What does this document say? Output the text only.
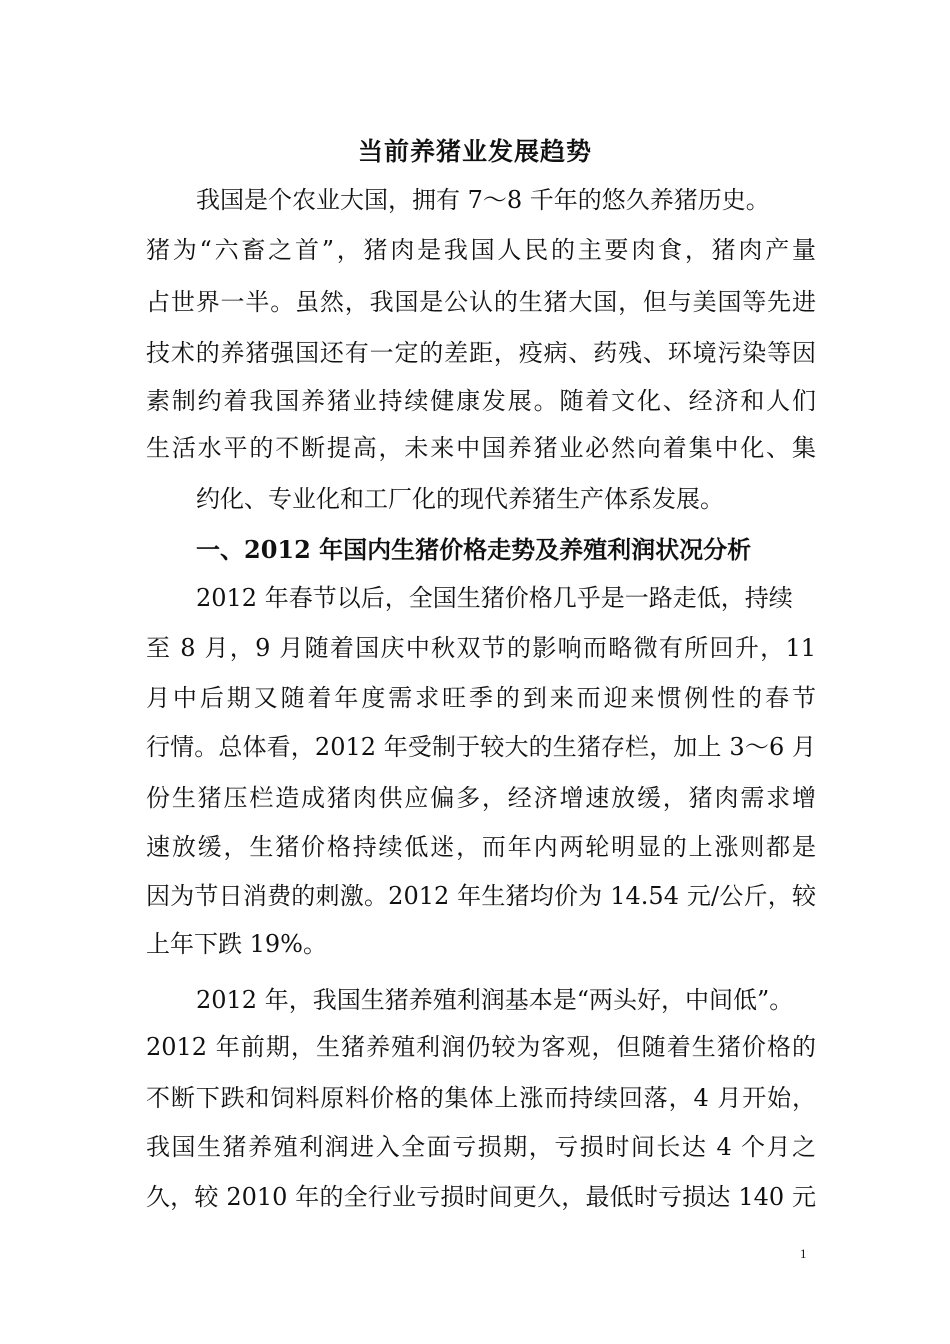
当前养猪业发展趋势
我国是个农业大国，拥有 7～8 千年的悠久养猪历史。
猪为“六畜之首”，猪肉是我国人民的主要肉食，猪肉产量
占世界一半。虽然，我国是公认的生猪大国，但与美国等先进
技术的养猪强国还有一定的差距，疫病、药残、环境污染等因
素制约着我国养猪业持续健康发展。随着文化、经济和人们
生活水平的不断提高，未来中国养猪业必然向着集中化、集
约化、专业化和工厂化的现代养猪生产体系发展。
一、2012 年国内生猪价格走势及养殖利润状况分析
2012 年春节以后，全国生猪价格几乎是一路走低，持续
至 8 月，9 月随着国庆中秋双节的影响而略微有所回升，11
月中后期又随着年度需求旺季的到来而迎来惯例性的春节
行情。总体看，2012 年受制于较大的生猪存栏，加上 3～6 月
份生猪压栏造成猪肉供应偏多，经济增速放缓，猪肉需求增
速放缓，生猪价格持续低迷，而年内两轮明显的上涨则都是
因为节日消费的刺激。2012 年生猪均价为 14.54 元/公斤，较
上年下跌 19%。
2012 年，我国生猪养殖利润基本是“两头好，中间低”。
2012 年前期，生猪养殖利润仍较为客观，但随着生猪价格的
不断下跌和饲料原料价格的集体上涨而持续回落，4 月开始，
我国生猪养殖利润进入全面亏损期，亏损时间长达 4 个月之
久，较 2010 年的全行业亏损时间更久，最低时亏损达 140 元
1
